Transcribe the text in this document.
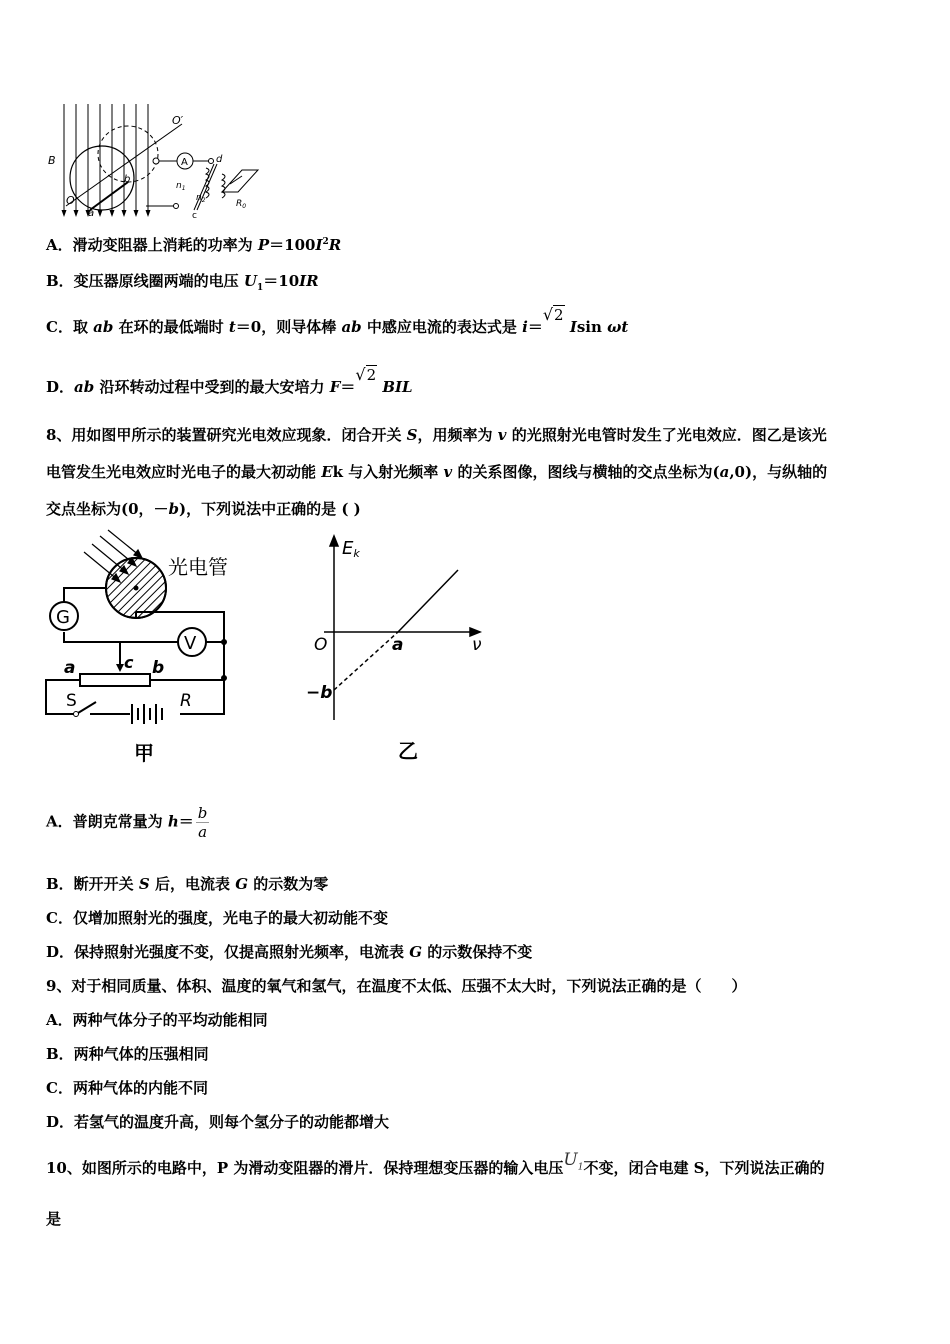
A
c
d
B
O
O′
a
b
$n_1$
$n_2$	$R_0$
A．滑动变阻器上消耗的功率为 $P=100I^2R$
B．变压器原线圈两端的电压 $U_1=10IR$
C．取 ab 在环的最低端时 t＝0，则导体棒 ab 中感应电流的表达式是 i＝√2 Isin ωt
D．ab 沿环转动过程中受到的最大安培力 F＝√2 BIL
8、用如图甲所示的装置研究光电效应现象．闭合开关 S，用频率为 v 的光照射光电管时发生了光电效应．图乙是该光
电管发生光电效应时光电子的最大初动能 Ek 与入射光频率 v 的关系图像，图线与横轴的交点坐标为(a,0)，与纵轴的
交点坐标为(0，－b)，下列说法中正确的是 ( )
光电管
G
V
a	b
c
S	R
甲
Ek
O	a	ν
−b
乙
A．普朗克常量为 $h= \frac{b}{a}$
B．断开开关 S 后，电流表 G 的示数为零
C．仅增加照射光的强度，光电子的最大初动能不变
D．保持照射光强度不变，仅提高照射光频率，电流表 G 的示数保持不变
9、对于相同质量、体积、温度的氧气和氢气，在温度不太低、压强不太大时，下列说法正确的是（　　）
A．两种气体分子的平均动能相同
B．两种气体的压强相同
C．两种气体的内能不同
D．若氢气的温度升高，则每个氢分子的动能都增大
10、如图所示的电路中，P 为滑动变阻器的滑片．保持理想变压器的输入电压$U_1$不变，闭合电建 S，下列说法正确的
是
